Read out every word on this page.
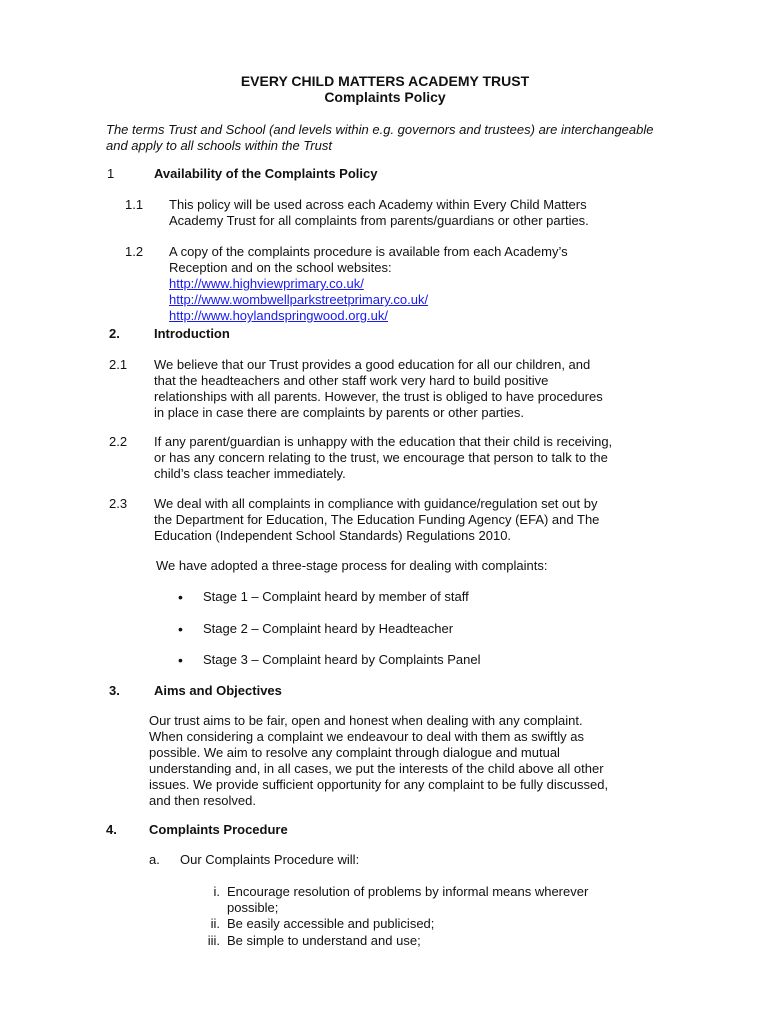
EVERY CHILD MATTERS ACADEMY TRUST
Complaints Policy
The terms Trust and School (and levels within e.g. governors and trustees) are interchangeable
and apply to all schools within the Trust
1	Availability of the Complaints Policy
1.1 This policy will be used across each Academy within Every Child Matters
Academy Trust for all complaints from parents/guardians or other parties.
1.2 A copy of the complaints procedure is available from each Academy’s
Reception and on the school websites:
http://www.highviewprimary.co.uk/
http://www.wombwellparkstreetprimary.co.uk/
http://www.hoylandspringwood.org.uk/
2.	Introduction
2.1 We believe that our Trust provides a good education for all our children, and
that the headteachers and other staff work very hard to build positive
relationships with all parents. However, the trust is obliged to have procedures
in place in case there are complaints by parents or other parties.
2.2 If any parent/guardian is unhappy with the education that their child is receiving,
or has any concern relating to the trust, we encourage that person to talk to the
child’s class teacher immediately.
2.3 We deal with all complaints in compliance with guidance/regulation set out by
the Department for Education, The Education Funding Agency (EFA) and The
Education (Independent School Standards) Regulations 2010.
We have adopted a three-stage process for dealing with complaints:
• Stage 1 – Complaint heard by member of staff
• Stage 2 – Complaint heard by Headteacher
• Stage 3 – Complaint heard by Complaints Panel
3.	Aims and Objectives
Our trust aims to be fair, open and honest when dealing with any complaint.
When considering a complaint we endeavour to deal with them as swiftly as
possible. We aim to resolve any complaint through dialogue and mutual
understanding and, in all cases, we put the interests of the child above all other
issues. We provide sufficient opportunity for any complaint to be fully discussed,
and then resolved.
4. Complaints Procedure
a. Our Complaints Procedure will:
i. Encourage resolution of problems by informal means wherever
possible;
ii. Be easily accessible and publicised;
iii. Be simple to understand and use;
